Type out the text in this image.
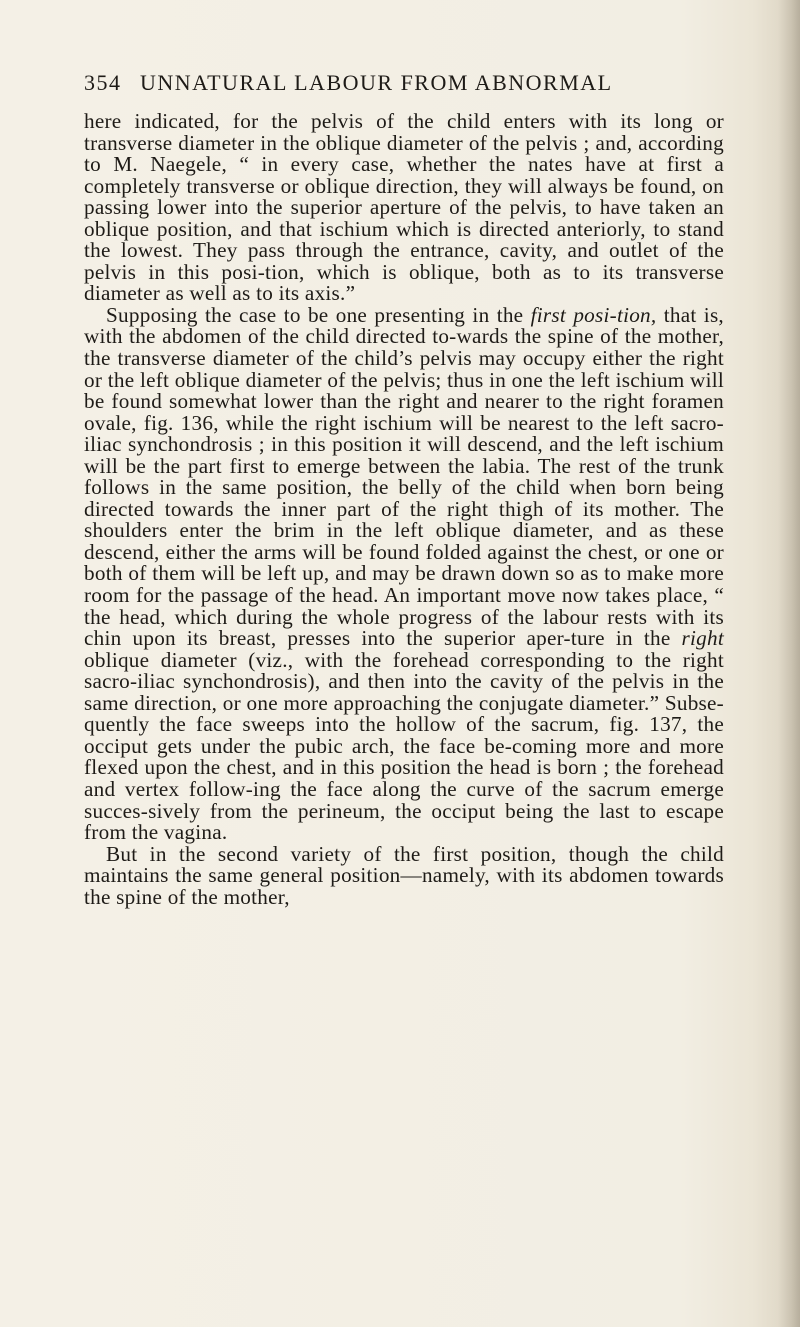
354 UNNATURAL LABOUR FROM ABNORMAL

here indicated, for the pelvis of the child enters with its long or transverse diameter in the oblique diameter of the pelvis ; and, according to M. Naegele, “ in every case, whether the nates have at first a completely transverse or oblique direction, they will always be found, on passing lower into the superior aperture of the pelvis, to have taken an oblique position, and that ischium which is directed anteriorly, to stand the lowest. They pass through the entrance, cavity, and outlet of the pelvis in this posi-tion, which is oblique, both as to its transverse diameter as well as to its axis.”

Supposing the case to be one presenting in the first posi-tion, that is, with the abdomen of the child directed to-wards the spine of the mother, the transverse diameter of the child’s pelvis may occupy either the right or the left oblique diameter of the pelvis; thus in one the left ischium will be found somewhat lower than the right and nearer to the right foramen ovale, fig. 136, while the right ischium will be nearest to the left sacro-iliac synchondrosis ; in this position it will descend, and the left ischium will be the part first to emerge between the labia. The rest of the trunk follows in the same position, the belly of the child when born being directed towards the inner part of the right thigh of its mother. The shoulders enter the brim in the left oblique diameter, and as these descend, either the arms will be found folded against the chest, or one or both of them will be left up, and may be drawn down so as to make more room for the passage of the head. An important move now takes place, “ the head, which during the whole progress of the labour rests with its chin upon its breast, presses into the superior aper-ture in the right oblique diameter (viz., with the forehead corresponding to the right sacro-iliac synchondrosis), and then into the cavity of the pelvis in the same direction, or one more approaching the conjugate diameter.” Subse-quently the face sweeps into the hollow of the sacrum, fig. 137, the occiput gets under the pubic arch, the face be-coming more and more flexed upon the chest, and in this position the head is born ; the forehead and vertex follow-ing the face along the curve of the sacrum emerge succes-sively from the perineum, the occiput being the last to escape from the vagina.

But in the second variety of the first position, though the child maintains the same general position—namely, with its abdomen towards the spine of the mother,
